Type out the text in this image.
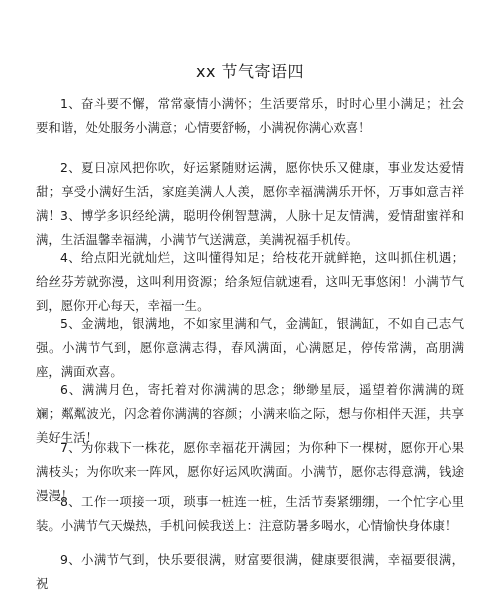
xx 节气寄语四

1、奋斗要不懈，常常豪情小满怀；生活要常乐，时时心里小满足；社会要和谐，处处服务小满意；心情要舒畅，小满祝你满心欢喜！

2、夏日凉风把你吹，好运紧随财运满，愿你快乐又健康，事业发达爱情甜；享受小满好生活，家庭美满人人羡，愿你幸福满满乐开怀，万事如意吉祥满！ 3、博学多识经纶满，聪明伶俐智慧满，人脉十足友情满，爱情甜蜜祥和满，生活温馨幸福满，小满节气送满意，美满祝福手机传。

4、给点阳光就灿烂，这叫懂得知足；给枝花开就鲜艳，这叫抓住机遇；给丝芬芳就弥漫，这叫利用资源；给条短信就速看，这叫无事悠闲！小满节气到，愿你开心每天，幸福一生。

5、金满地，银满地，不如家里满和气，金满缸，银满缸，不如自己志气强。小满节气到，愿你意满志得，春风满面，心满愿足，停传常满，高朋满座，满面欢喜。

6、满满月色，寄托着对你满满的思念；缈缈星辰，遥望着你满满的斑斓；粼粼波光，闪念着你满满的容颜；小满来临之际，想与你相伴天涯，共享美好生活！

7、为你栽下一株花，愿你幸福花开满园；为你种下一棵树，愿你开心果满枝头；为你吹来一阵风，愿你好运风吹满面。小满节，愿你志得意满，钱途漫漫！

8、工作一项接一项，琐事一桩连一桩，生活节奏紧绷绷，一个忙字心里装。小满节气天燥热，手机问候我送上：注意防暑多喝水，心情愉快身体康！

9、小满节气到，快乐要很满，财富要很满，健康要很满，幸福要很满，祝
